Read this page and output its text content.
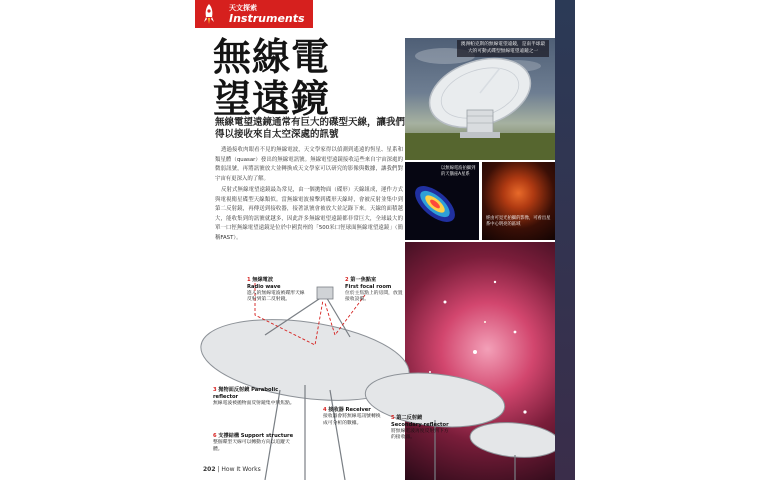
天文探索
Instruments
無線電
望遠鏡
無線電望遠鏡通常有巨大的碟型天線，讓我們得以接收來自太空深處的訊號

透過接收肉眼看不見的無線電波，天文學家得以偵測到遙遠的恆星、星系和類星體（quasar）發出的無線電訊號。無線電望遠鏡接收這些來自宇宙深處的微弱訊號，再將訊號放大並轉換成天文學家可以研究的影像與數據，讓我們對宇宙有更深入的了解。

反射式無線電望遠鏡最為常見，由一個拋物面（碟形）天線組成，運作方式與電視衛星碟型天線類似。當無線電波撞擊到碟形天線時，會被反射並集中到第二反射鏡，再傳送到接收器，接著訊號會被放大並記錄下來。天線的面積越大，能收集到的訊號就越多，因此許多無線電望遠鏡都非常巨大，全球最大的單一口徑無線電望遠鏡是位於中國貴州的「500米口徑球面無線電望遠鏡」（簡稱FAST）。

澳洲帕克斯的無線電望遠鏡，是南半球最大的可動式碟型無線電望遠鏡之一
以無線電波拍攝到的天鵝座A星系
經由可見光拍攝的影像，可看出星系中心明亮的區域
1 無線電波
Radio wave
進入的無線電波被碟形天線反射到第二反射鏡。
2 第一焦點室
First focal room
位於主焦點上的房間，放置接收設備。
3 拋物面反射鏡 Parabolic reflector
無線電波被拋物面反射鏡集中到焦點。
4 接收器 Receiver
接收器會將無線電訊號轉換成可分析的數據。
5 第二反射鏡
Secondary reflector
將無線電波再度反射到下方的接收器。
6 支撐結構 Support structure
整個碟型天線可以轉動方向以追蹤天體。
202 | How It Works
